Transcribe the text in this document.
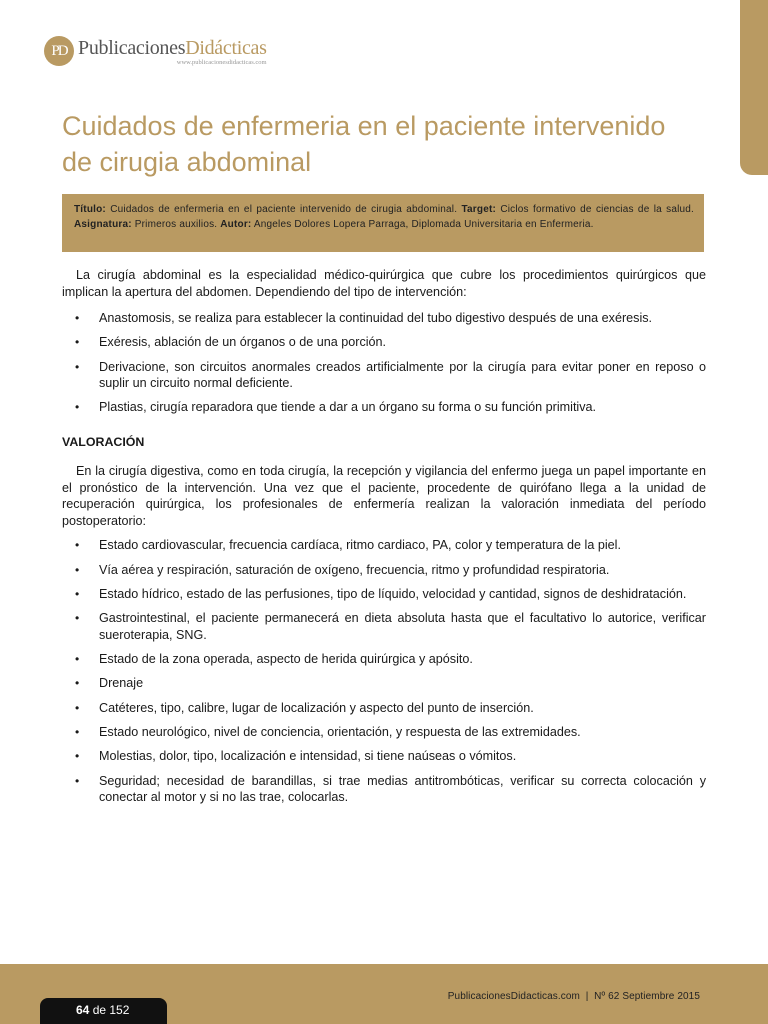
PD PublicacionesDidácticas
www.publicacionesdidacticas.com
Cuidados de enfermeria en el paciente intervenido de cirugia abdominal
Título: Cuidados de enfermeria en el paciente intervenido de cirugia abdominal. Target: Ciclos formativo de ciencias de la salud. Asignatura: Primeros auxilios. Autor: Angeles Dolores Lopera Parraga, Diplomada Universitaria en Enfermeria.

La cirugía abdominal es la especialidad médico-quirúrgica que cubre los procedimientos quirúrgicos que implican la apertura del abdomen. Dependiendo del tipo de intervención:

• Anastomosis, se realiza para establecer la continuidad del tubo digestivo después de una exéresis.
• Exéresis, ablación de un órganos o de una porción.
• Derivacione, son circuitos anormales creados artificialmente por la cirugía para evitar poner en reposo o suplir un circuito normal deficiente.
• Plastias, cirugía reparadora que tiende a dar a un órgano su forma o su función primitiva.
VALORACIÓN

En la cirugía digestiva, como en toda cirugía, la recepción y vigilancia del enfermo juega un papel importante en el pronóstico de la intervención. Una vez que el paciente, procedente de quirófano llega a la unidad de recuperación quirúrgica, los profesionales de enfermería realizan la valoración inmediata del período postoperatorio:

• Estado cardiovascular, frecuencia cardíaca, ritmo cardiaco, PA, color y temperatura de la piel.
• Vía aérea y respiración, saturación de oxígeno, frecuencia, ritmo y profundidad respiratoria.
• Estado hídrico, estado de las perfusiones, tipo de líquido, velocidad y cantidad, signos de deshidratación.
• Gastrointestinal, el paciente permanecerá en dieta absoluta hasta que el facultativo lo autorice, verificar sueroterapia, SNG.
• Estado de la zona operada, aspecto de herida quirúrgica y apósito.
• Drenaje
• Catéteres, tipo, calibre, lugar de localización y aspecto del punto de inserción.
• Estado neurológico, nivel de conciencia, orientación, y respuesta de las extremidades.
• Molestias, dolor, tipo, localización e intensidad, si tiene naúseas o vómitos.
• Seguridad; necesidad de barandillas, si trae medias antitrombóticas, verificar su correcta colocación y conectar al motor y si no las trae, colocarlas.
PublicacionesDidacticas.com  |  Nº 62 Septiembre 2015
64 de 152
